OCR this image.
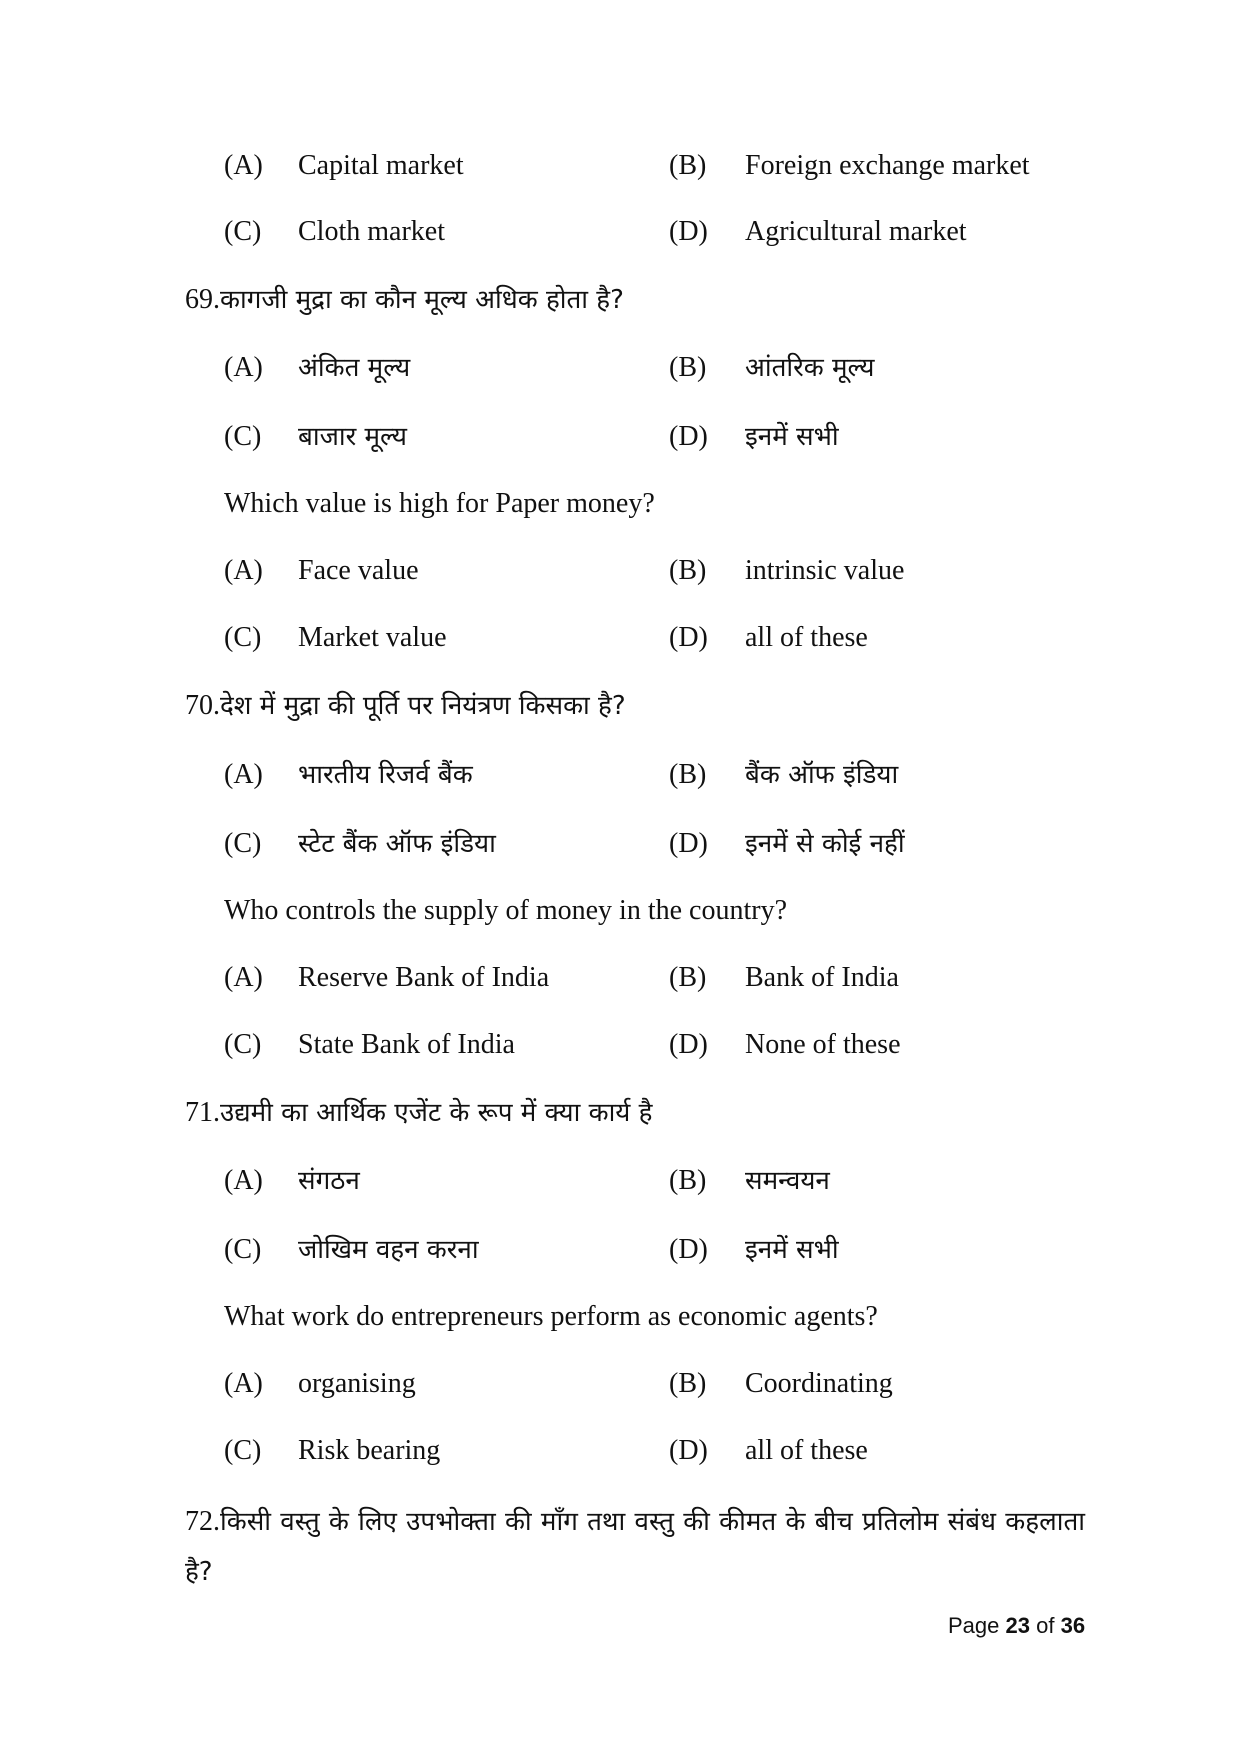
(A) Capital market	(B) Foreign exchange market
(C) Cloth market	(D) Agricultural market
69.कागजी मुद्रा का कौन मूल्य अधिक होता है?
(A) अंकित मूल्य	(B) आंतरिक मूल्य
(C) बाजार मूल्य	(D) इनमें सभी
Which value is high for Paper money?
(A) Face value	(B) intrinsic value
(C) Market value	(D) all of these
70.देश में मुद्रा की पूर्ति पर नियंत्रण किसका है?
(A) भारतीय रिजर्व बैंक	(B) बैंक ऑफ इंडिया
(C) स्टेट बैंक ऑफ इंडिया	(D) इनमें से कोई नहीं
Who controls the supply of money in the country?
(A) Reserve Bank of India	(B) Bank of India
(C) State Bank of India	(D) None of these
71.उद्यमी का आर्थिक एजेंट के रूप में क्या कार्य है
(A) संगठन	(B) समन्वयन
(C) जोखिम वहन करना	(D) इनमें सभी
What work do entrepreneurs perform as economic agents?
(A) organising	(B) Coordinating
(C) Risk bearing	(D) all of these
72.किसी वस्तु के लिए उपभोक्ता की माँग तथा वस्तु की कीमत के बीच प्रतिलोम संबंध कहलाता है?
Page 23 of 36
